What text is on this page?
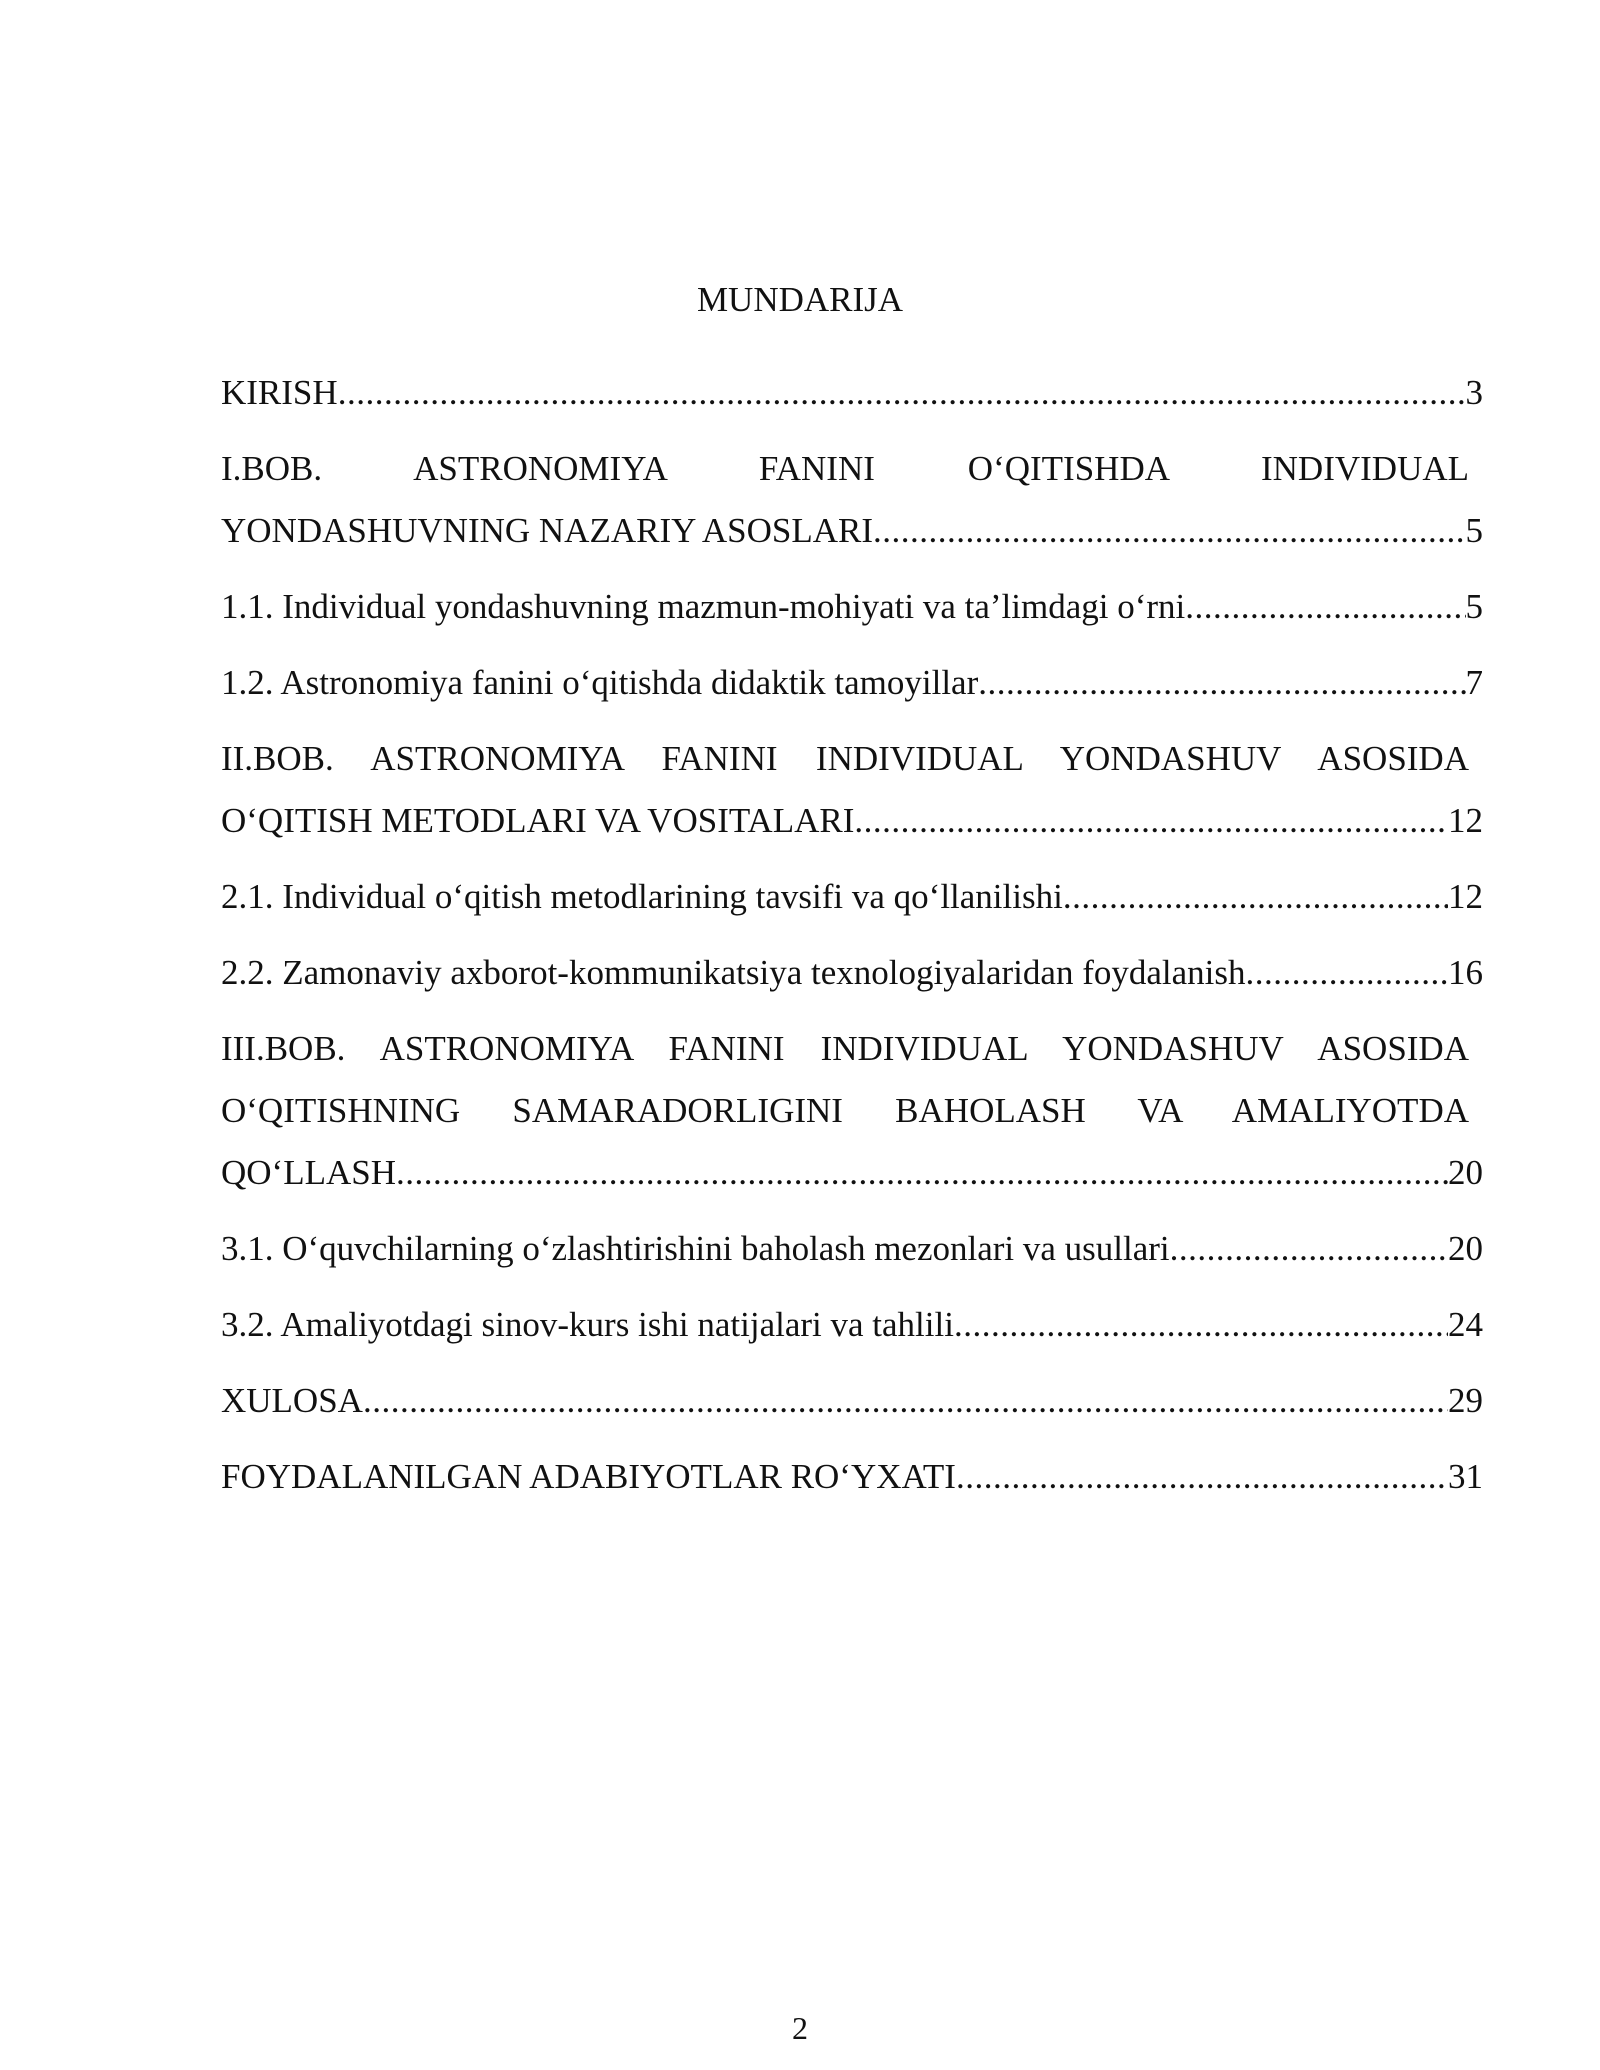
MUNDARIJA
KIRISH .....	3
I.BOB. ASTRONOMIYA FANINI O‘QITISHDA INDIVIDUAL
YONDASHUVNING NAZARIY ASOSLARI .....	5
1.1. Individual yondashuvning mazmun-mohiyati va ta’limdagi o‘rni .....	5
1.2. Astronomiya fanini o‘qitishda didaktik tamoyillar .....	7
II.BOB. ASTRONOMIYA FANINI INDIVIDUAL YONDASHUV ASOSIDA
O‘QITISH METODLARI VA VOSITALARI .....	12
2.1. Individual o‘qitish metodlarining tavsifi va qo‘llanilishi .....	12
2.2. Zamonaviy axborot-kommunikatsiya texnologiyalaridan foydalanish .....	16
III.BOB. ASTRONOMIYA FANINI INDIVIDUAL YONDASHUV ASOSIDA
O‘QITISHNING SAMARADORLIGINI BAHOLASH VA AMALIYOTDA
QO‘LLASH .....	20
3.1. O‘quvchilarning o‘zlashtirishini baholash mezonlari va usullari .....	20
3.2. Amaliyotdagi sinov-kurs ishi natijalari va tahlili .....	24
XULOSA .....	29
FOYDALANILGAN ADABIYOTLAR RO‘YXATI .....	31
2
